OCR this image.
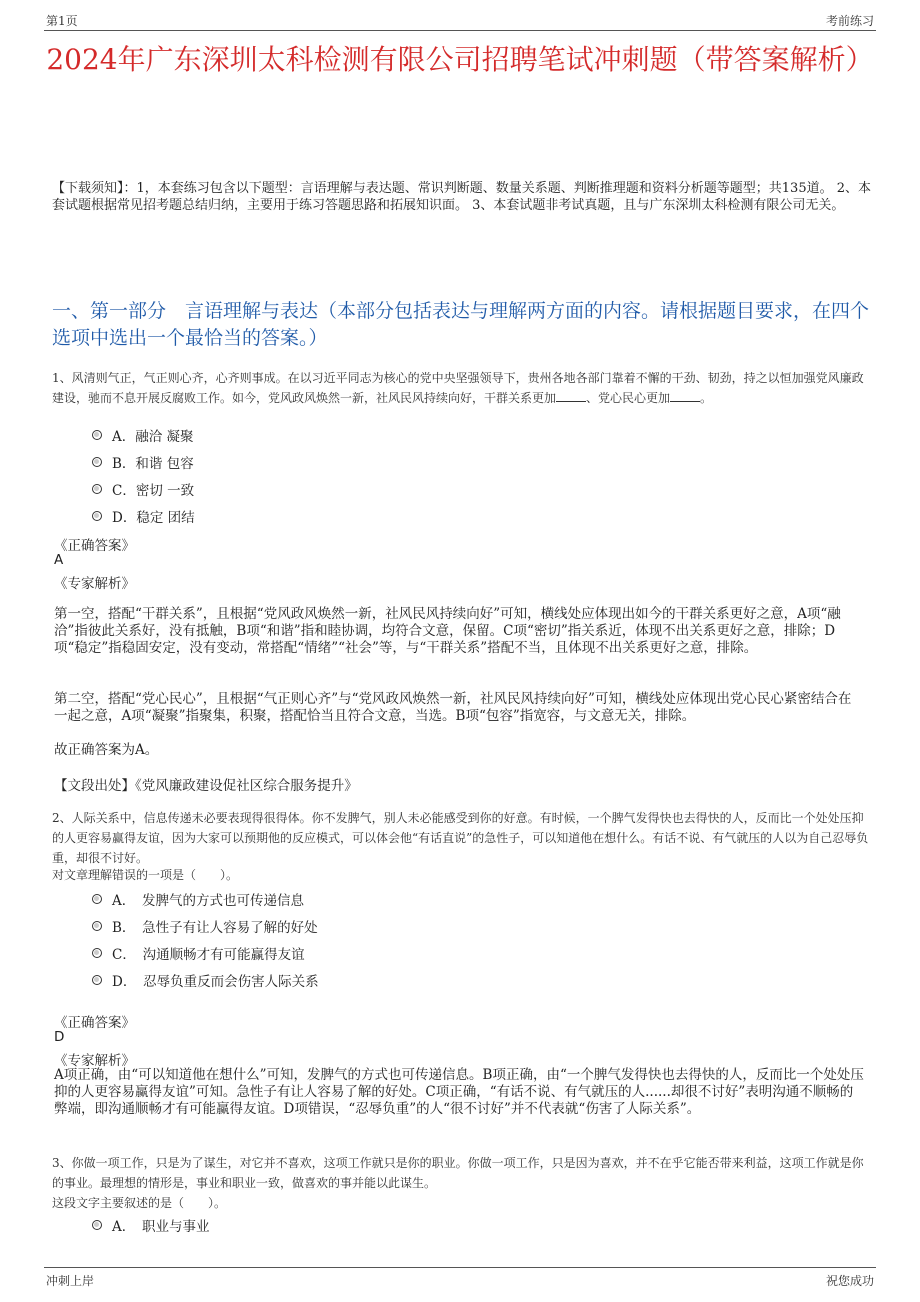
第1页	考前练习
2024年广东深圳太科检测有限公司招聘笔试冲刺题（带答案解析）

【下载须知】：1，本套练习包含以下题型：言语理解与表达题、常识判断题、数量关系题、判断推理题和资料分析题等题型；共135道。 2、本套试题根据常见招考题总结归纳，主要用于练习答题思路和拓展知识面。 3、本套试题非考试真题，且与广东深圳太科检测有限公司无关。

一、第一部分　言语理解与表达（本部分包括表达与理解两方面的内容。请根据题目要求，在四个选项中选出一个最恰当的答案。）

1、风清则气正，气正则心齐，心齐则事成。在以习近平同志为核心的党中央坚强领导下，贵州各地各部门靠着不懈的干劲、韧劲，持之以恒加强党风廉政建设，驰而不息开展反腐败工作。如今，党风政风焕然一新，社风民风持续向好，干群关系更加	、党心民心更加	。

A．融洽 凝聚
B．和谐 包容
C．密切 一致
D．稳定 团结

《正确答案》

A

《专家解析》

第一空，搭配“干群关系”，且根据“党风政风焕然一新，社风民风持续向好”可知，横线处应体现出如今的干群关系更好之意，A项“融洽”指彼此关系好，没有抵触，B项“和谐”指和睦协调，均符合文意，保留。C项“密切”指关系近，体现不出关系更好之意，排除；D项“稳定”指稳固安定，没有变动，常搭配“情绪”“社会”等，与“干群关系”搭配不当，且体现不出关系更好之意，排除。

第二空，搭配“党心民心”，且根据“气正则心齐”与“党风政风焕然一新，社风民风持续向好”可知，横线处应体现出党心民心紧密结合在一起之意，A项“凝聚”指聚集，积聚，搭配恰当且符合文意，当选。B项“包容”指宽容，与文意无关，排除。

故正确答案为A。

【文段出处】《党风廉政建设促社区综合服务提升》

2、人际关系中，信息传递未必要表现得很得体。你不发脾气，别人未必能感受到你的好意。有时候，一个脾气发得快也去得快的人，反而比一个处处压抑的人更容易赢得友谊，因为大家可以预期他的反应模式，可以体会他“有话直说”的急性子，可以知道他在想什么。有话不说、有气就压的人以为自己忍辱负重，却很不讨好。

对文章理解错误的一项是（　　）。

A．　发脾气的方式也可传递信息
B．　急性子有让人容易了解的好处
C．　沟通顺畅才有可能赢得友谊
D．　忍辱负重反而会伤害人际关系

《正确答案》

D

《专家解析》

A项正确，由“可以知道他在想什么”可知，发脾气的方式也可传递信息。B项正确，由“一个脾气发得快也去得快的人，反而比一个处处压抑的人更容易赢得友谊”可知。急性子有让人容易了解的好处。C项正确，“有话不说、有气就压的人......却很不讨好”表明沟通不顺畅的弊端，即沟通顺畅才有可能赢得友谊。D项错误，“忍辱负重”的人“很不讨好”并不代表就“伤害了人际关系”。

3、你做一项工作，只是为了谋生，对它并不喜欢，这项工作就只是你的职业。你做一项工作，只是因为喜欢，并不在乎它能否带来利益，这项工作就是你的事业。最理想的情形是，事业和职业一致，做喜欢的事并能以此谋生。

这段文字主要叙述的是（　　）。

A．　职业与事业
冲刺上岸	祝您成功
